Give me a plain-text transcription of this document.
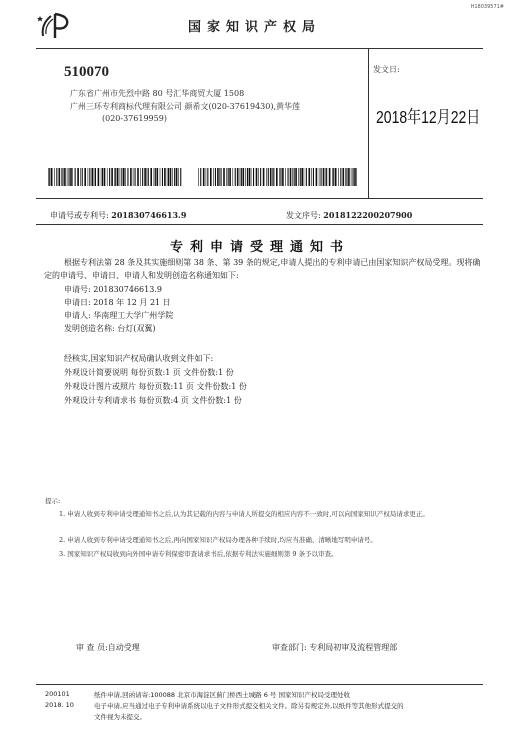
H18039571#
国家知识产权局
510070
广东省广州市先烈中路 80 号汇华商贸大厦 1508
广州三环专利商标代理有限公司 颜希文(020-37619430),黄华莲
(020-37619959)
发文日:
2018年12月22日
申请号或专利号: 201830746613.9	发文序号: 2018122200207900
专利申请受理通知书
根据专利法第 28 条及其实施细则第 38 条、第 39 条的规定,申请人提出的专利申请已由国家知识产权局受理。现将确定的申请号、申请日、申请人和发明创造名称通知如下:
申请号: 201830746613.9
申请日: 2018 年 12 月 21 日
申请人: 华南理工大学广州学院
发明创造名称: 台灯(双翼)
经核实,国家知识产权局确认收到文件如下:
外观设计简要说明 每份页数:1 页 文件份数:1 份
外观设计图片或照片 每份页数:11 页 文件份数:1 份
外观设计专利请求书 每份页数:4 页 文件份数:1 份
提示:
1. 申请人收到专利申请受理通知书之后,认为其记载的内容与申请人所提交的相应内容不一致时,可以向国家知识产权局请求更正。
2. 申请人收到专利申请受理通知书之后,再向国家知识产权局办理各种手续时,均应当准确、清晰地写明申请号。
3. 国家知识产权局收到向外国申请专利保密审查请求书后,依据专利法实施细则第 9 条予以审查。
审 查 员:自动受理	审查部门: 专利局初审及流程管理部
200101
2018. 10
纸件申请,回函请寄:100088 北京市海淀区蓟门桥西土城路 6 号 国家知识产权局受理处收
电子申请,应当通过电子专利申请系统以电子文件形式提交相关文件。除另有规定外,以纸件等其他形式提交的
文件视为未提交。
